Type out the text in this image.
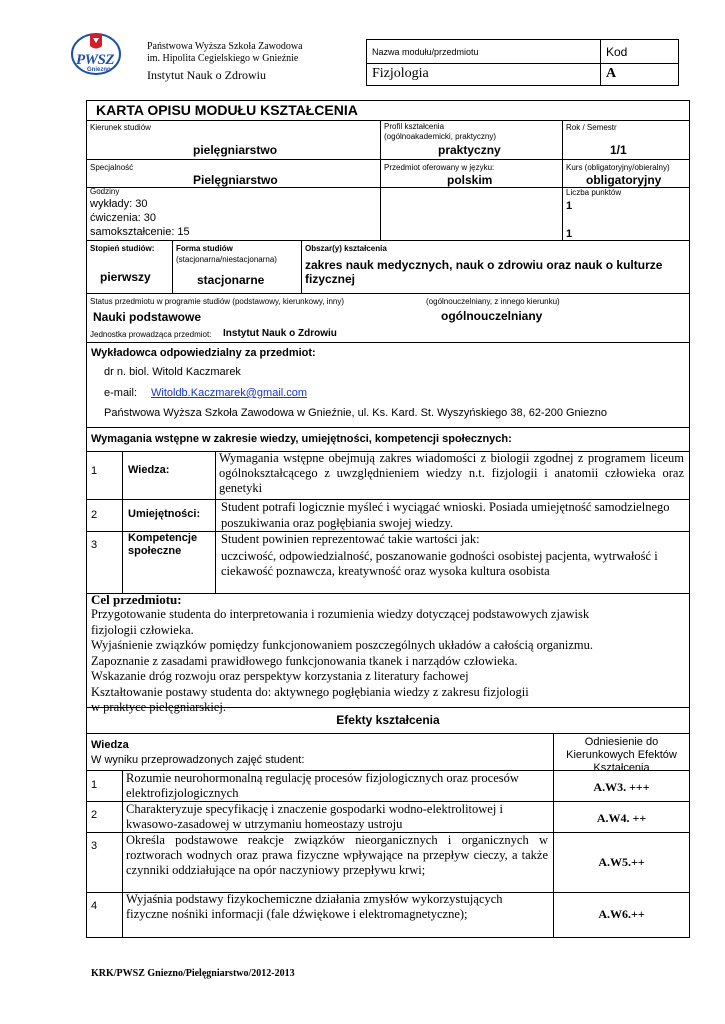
PWSZ
Gniezno
Państwowa Wyższa Szkoła Zawodowa
im. Hipolita Cegielskiego w Gnieźnie
Instytut Nauk o Zdrowiu
Nazwa modułu/przedmiotu	Kod
Fizjologia	A
KARTA OPISU MODUŁU KSZTAŁCENIA
Kierunek studiów
pielęgniarstwo
Profil kształcenia
(ogólnoakademicki, praktyczny)
praktyczny
Rok / Semestr
1/1
Specjalność
Pielęgniarstwo
Przedmiot oferowany w języku:
polskim
Kurs (obligatoryjny/obieralny)
obligatoryjny
Godziny
wykłady: 30
ćwiczenia: 30
samokształcenie: 15
Liczba punktów
1
1
Stopień studiów:
pierwszy
Forma studiów
(stacjonarna/niestacjonarna)
stacjonarne
Obszar(y) kształcenia
zakres nauk medycznych, nauk o zdrowiu oraz nauk o kulturze fizycznej
Status przedmiotu w programie studiów (podstawowy, kierunkowy, inny)
Nauki podstawowe
(ogólnouczelniany, z innego kierunku)
ogólnouczelniany
Jednostka prowadząca przedmiot: Instytut Nauk o Zdrowiu
Wykładowca odpowiedzialny za przedmiot:
dr n. biol. Witold Kaczmarek
e-mail: Witoldb.Kaczmarek@gmail.com
Państwowa Wyższa Szkoła Zawodowa w Gnieźnie, ul. Ks. Kard. St. Wyszyńskiego 38, 62-200 Gniezno
Wymagania wstępne w zakresie wiedzy, umiejętności, kompetencji społecznych:
1	Wiedza:
Wymagania wstępne obejmują zakres wiadomości z biologii zgodnej z programem liceum ogólnokształcącego z uwzględnieniem wiedzy n.t. fizjologii i anatomii człowieka oraz genetyki
2	Umiejętności: Student potrafi logicznie myśleć i wyciągać wnioski. Posiada umiejętność samodzielnego poszukiwania oraz pogłębiania swojej wiedzy.
3
Kompetencje społeczne
Student powinien reprezentować takie wartości jak:
uczciwość, odpowiedzialność, poszanowanie godności osobistej pacjenta, wytrwałość i ciekawość poznawcza, kreatywność oraz wysoka kultura osobista
Cel przedmiotu:
Przygotowanie studenta do interpretowania i rozumienia wiedzy dotyczącej podstawowych zjawisk
fizjologii człowieka.
Wyjaśnienie związków pomiędzy funkcjonowaniem poszczególnych układów a całością organizmu.
Zapoznanie z zasadami prawidłowego funkcjonowania tkanek i narządów człowieka.
Wskazanie dróg rozwoju oraz perspektyw korzystania z literatury fachowej
Kształtowanie postawy studenta do: aktywnego pogłębiania wiedzy z zakresu fizjologii
w praktyce pielęgniarskiej.
Efekty kształcenia
Wiedza
W wyniku przeprowadzonych zajęć student:
Odniesienie do Kierunkowych Efektów Kształcenia
1 Rozumie neurohormonalną regulację procesów fizjologicznych oraz procesów elektrofizjologicznych	A.W3. +++
2 Charakteryzuje specyfikację i znaczenie gospodarki wodno-elektrolitowej i kwasowo-zasadowej w utrzymaniu homeostazy ustroju	A.W4. ++
3 Określa podstawowe reakcje związków nieorganicznych i organicznych w roztworach wodnych oraz prawa fizyczne wpływające na przepływ cieczy, a także czynniki oddziałujące na opór naczyniowy przepływu krwi;
A.W5.++
4 Wyjaśnia podstawy fizykochemiczne działania zmysłów wykorzystujących fizyczne nośniki informacji (fale dźwiękowe i elektromagnetyczne);	A.W6.++
KRK/PWSZ Gniezno/Pielęgniarstwo/2012-2013
